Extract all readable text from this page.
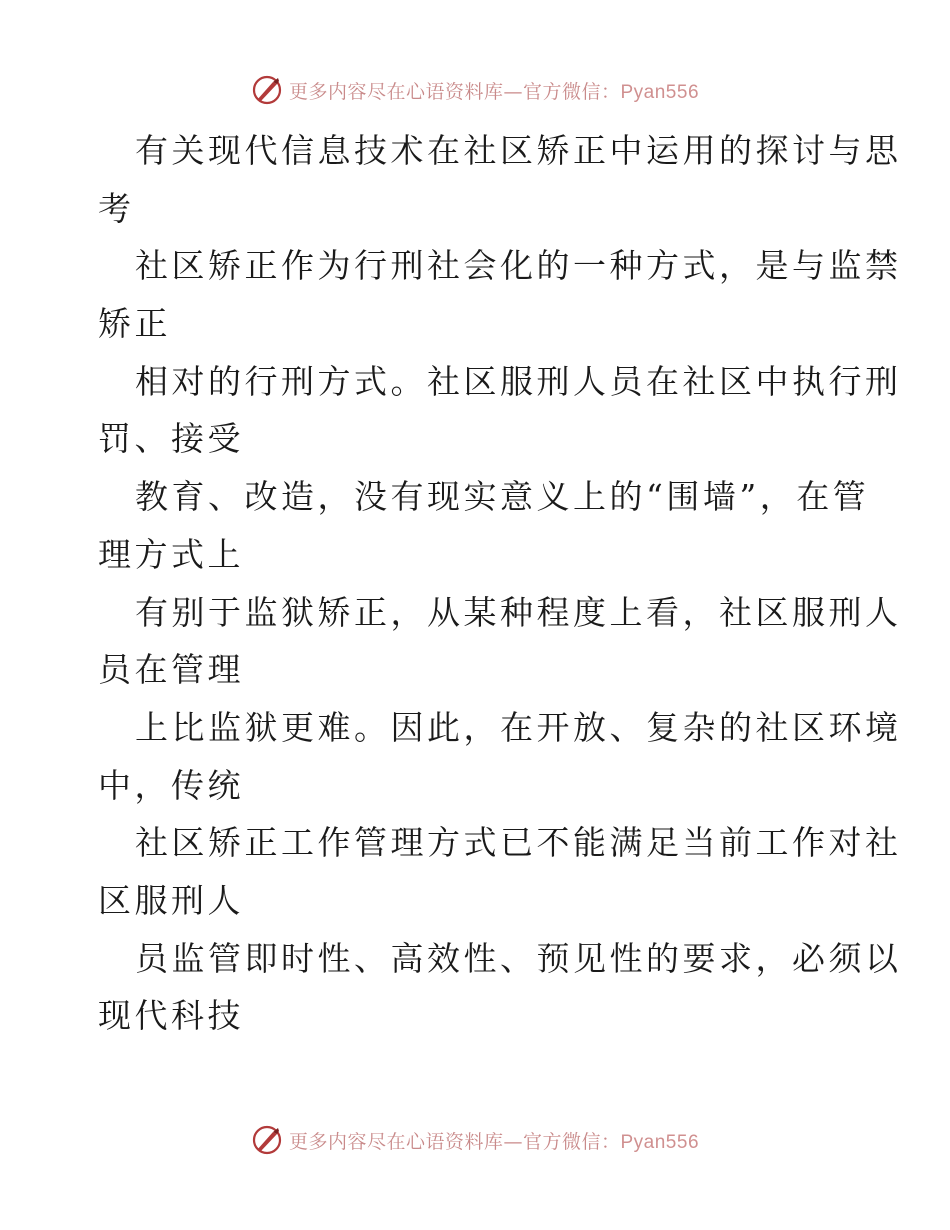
更多内容尽在心语资料库—官方微信：Pyan556
有关现代信息技术在社区矫正中运用的探讨与思
考
社区矫正作为行刑社会化的一种方式，是与监禁
矫正
相对的行刑方式。社区服刑人员在社区中执行刑
罚、接受
教育、改造，没有现实意义上的“围墙”，在管
理方式上
有别于监狱矫正，从某种程度上看，社区服刑人
员在管理
上比监狱更难。因此，在开放、复杂的社区环境
中，传统
社区矫正工作管理方式已不能满足当前工作对社
区服刑人
员监管即时性、高效性、预见性的要求，必须以
现代科技
更多内容尽在心语资料库—官方微信：Pyan556
